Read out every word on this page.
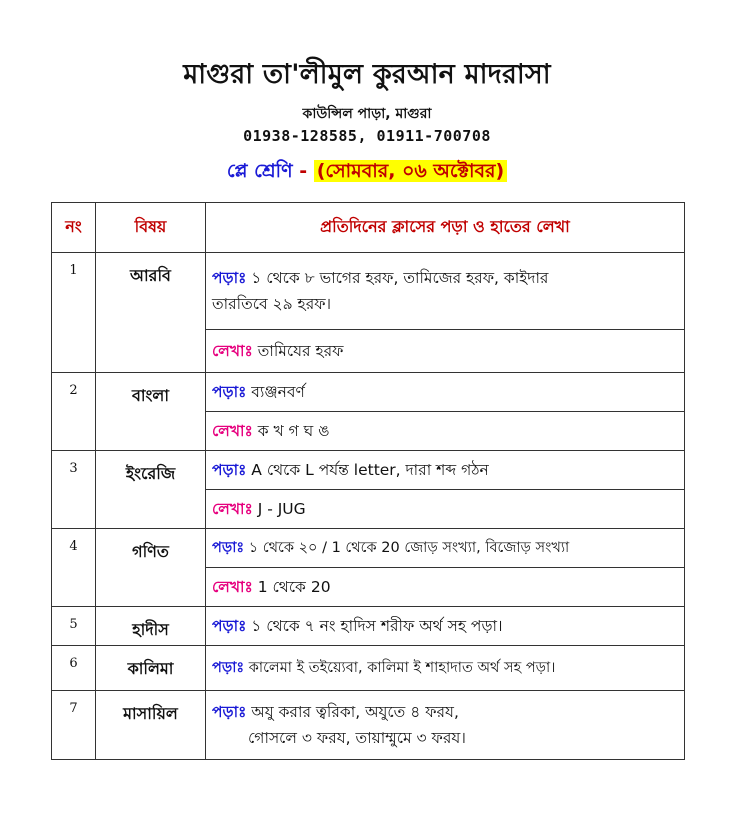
মাগুরা তা'লীমুল কুরআন মাদরাসা
কাউন্সিল পাড়া, মাগুরা
01938-128585, 01911-700708
প্লে শ্রেণি - (সোমবার, ০৬ অক্টোবর)
নং	বিষয়	প্রতিদিনের ক্লাসের পড়া ও হাতের লেখা
1	আরবি	পড়াঃ ১ থেকে ৮ ভাগের হরফ, তামিজের হরফ, কাইদার
তারতিবে ২৯ হরফ।
		লেখাঃ তামিযের হরফ
2	বাংলা	পড়াঃ ব্যঞ্জনবর্ণ
		লেখাঃ ক খ গ ঘ ঙ
3	ইংরেজি	পড়াঃ A থেকে L পর্যন্ত letter, দারা শব্দ গঠন
		লেখাঃ J - JUG
4	গণিত	পড়াঃ ১ থেকে ২০ / 1 থেকে 20 জোড় সংখ্যা, বিজোড় সংখ্যা
		লেখাঃ 1 থেকে 20
5	হাদীস	পড়াঃ ১ থেকে ৭ নং হাদিস শরীফ অর্থ সহ পড়া।
6	কালিমা	পড়াঃ কালেমা ই তইয়্যেবা, কালিমা ই শাহাদাত অর্থ সহ পড়া।
7	মাসায়িল	পড়াঃ অযু করার ত্বরিকা, অযুতে ৪ ফরয,
গোসলে ৩ ফরয, তায়াম্মুমে ৩ ফরয।
